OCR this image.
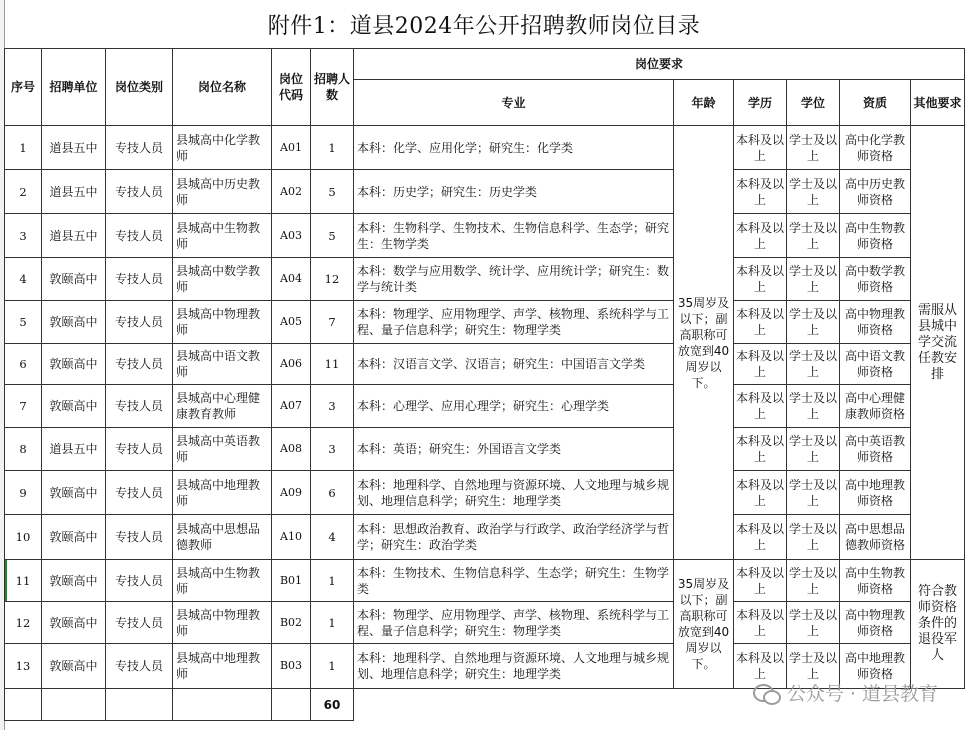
附件1：道县2024年公开招聘教师岗位目录
序号	招聘单位	岗位类别	岗位名称	岗位代码	招聘人数	岗位要求					
						专业	年龄	学历	学位	资质	其他要求
1	道县五中	专技人员	县城高中化学教师	A01	1	本科：化学、应用化学；研究生：化学类	35周岁及以下；副高职称可放宽到40周岁以下。	本科及以上	学士及以上	高中化学教师资格	需服从县城中学交流任教安排
2	道县五中	专技人员	县城高中历史教师	A02	5	本科：历史学；研究生：历史学类		本科及以上	学士及以上	高中历史教师资格	
3	道县五中	专技人员	县城高中生物教师	A03	5	本科：生物科学、生物技术、生物信息科学、生态学；研究生：生物学类		本科及以上	学士及以上	高中生物教师资格	
4	敦颐高中	专技人员	县城高中数学教师	A04	12	本科：数学与应用数学、统计学、应用统计学；研究生：数学与统计类		本科及以上	学士及以上	高中数学教师资格	
5	敦颐高中	专技人员	县城高中物理教师	A05	7	本科：物理学、应用物理学、声学、核物理、系统科学与工程、量子信息科学；研究生：物理学类		本科及以上	学士及以上	高中物理教师资格	
6	敦颐高中	专技人员	县城高中语文教师	A06	11	本科：汉语言文学、汉语言；研究生：中国语言文学类		本科及以上	学士及以上	高中语文教师资格	
7	敦颐高中	专技人员	县城高中心理健康教育教师	A07	3	本科：心理学、应用心理学；研究生：心理学类		本科及以上	学士及以上	高中心理健康教师资格	
8	道县五中	专技人员	县城高中英语教师	A08	3	本科：英语；研究生：外国语言文学类		本科及以上	学士及以上	高中英语教师资格	
9	敦颐高中	专技人员	县城高中地理教师	A09	6	本科：地理科学、自然地理与资源环境、人文地理与城乡规划、地理信息科学；研究生：地理学类		本科及以上	学士及以上	高中地理教师资格	
10	敦颐高中	专技人员	县城高中思想品德教师	A10	4	本科：思想政治教育、政治学与行政学、政治学经济学与哲学；研究生：政治学类		本科及以上	学士及以上	高中思想品德教师资格	
11	敦颐高中	专技人员	县城高中生物教师	B01	1	本科：生物技术、生物信息科学、生态学；研究生：生物学类	35周岁及以下；副高职称可放宽到40周岁以下。	本科及以上	学士及以上	高中生物教师资格	符合教师资格条件的退役军人
12	敦颐高中	专技人员	县城高中物理教师	B02	1	本科：物理学、应用物理学、声学、核物理、系统科学与工程、量子信息科学；研究生：物理学类		本科及以上	学士及以上	高中物理教师资格	
13	敦颐高中	专技人员	县城高中地理教师	B03	1	本科：地理科学、自然地理与资源环境、人文地理与城乡规划、地理信息科学；研究生：地理学类		本科及以上	学士及以上	高中地理教师资格	
					60							公众号 · 道县教育
